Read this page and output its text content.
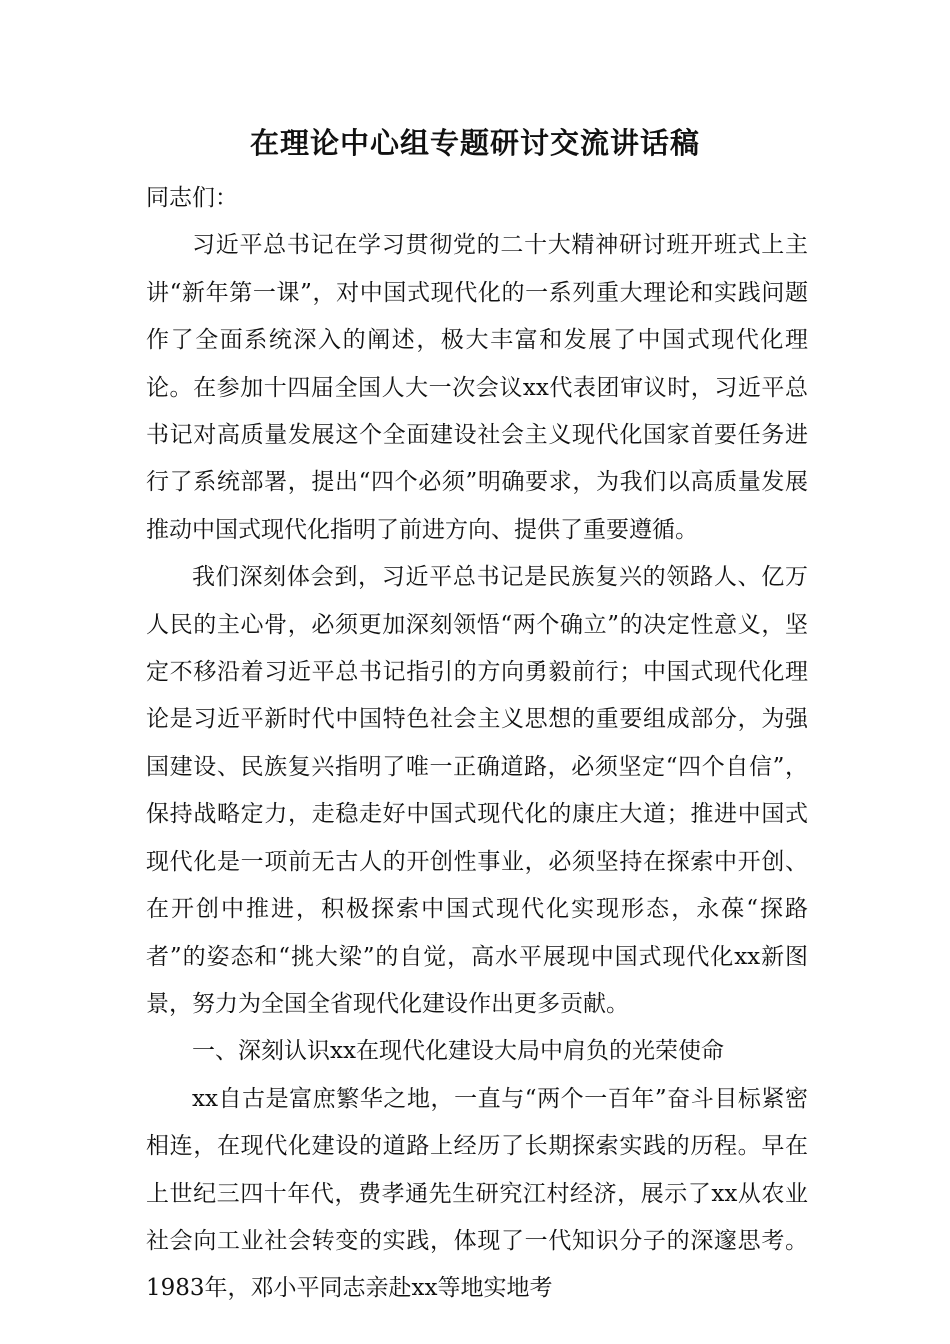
在理论中心组专题研讨交流讲话稿

同志们：

习近平总书记在学习贯彻党的二十大精神研讨班开班式上主讲“新年第一课”，对中国式现代化的一系列重大理论和实践问题作了全面系统深入的阐述，极大丰富和发展了中国式现代化理论。在参加十四届全国人大一次会议xx代表团审议时，习近平总书记对高质量发展这个全面建设社会主义现代化国家首要任务进行了系统部署，提出“四个必须”明确要求，为我们以高质量发展推动中国式现代化指明了前进方向、提供了重要遵循。

我们深刻体会到，习近平总书记是民族复兴的领路人、亿万人民的主心骨，必须更加深刻领悟“两个确立”的决定性意义，坚定不移沿着习近平总书记指引的方向勇毅前行；中国式现代化理论是习近平新时代中国特色社会主义思想的重要组成部分，为强国建设、民族复兴指明了唯一正确道路，必须坚定“四个自信”，保持战略定力，走稳走好中国式现代化的康庄大道；推进中国式现代化是一项前无古人的开创性事业，必须坚持在探索中开创、在开创中推进，积极探索中国式现代化实现形态，永葆“探路者”的姿态和“挑大梁”的自觉，高水平展现中国式现代化xx新图景，努力为全国全省现代化建设作出更多贡献。

一、深刻认识xx在现代化建设大局中肩负的光荣使命

xx自古是富庶繁华之地，一直与“两个一百年”奋斗目标紧密相连，在现代化建设的道路上经历了长期探索实践的历程。早在上世纪三四十年代，费孝通先生研究江村经济，展示了xx从农业社会向工业社会转变的实践，体现了一代知识分子的深邃思考。1983年，邓小平同志亲赴xx等地实地考
